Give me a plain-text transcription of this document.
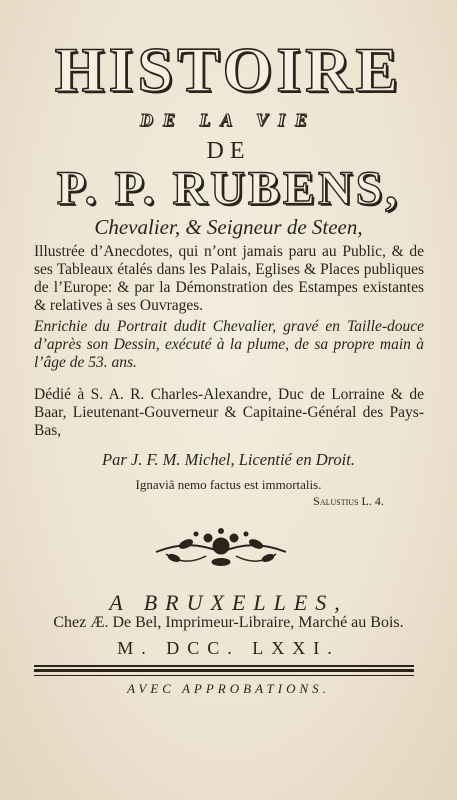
HISTOIRE
DE LA VIE
DE
P. P. RUBENS,
Chevalier, & Seigneur de Steen,
Illustrée d’Anecdotes, qui n’ont jamais paru au Public, & de ses Tableaux étalés dans les Palais, Eglises & Places publiques de l’Europe: & par la Démonstration des Estampes existantes & relatives à ses Ouvrages.
Enrichie du Portrait dudit Chevalier, gravé en Taille-douce d’après son Dessin, exécuté à la plume, de sa propre main à l’âge de 53. ans.
Dédié à S. A. R. Charles-Alexandre, Duc de Lorraine & de Baar, Lieutenant-Gouverneur & Capitaine-Général des Pays-Bas,
Par J. F. M. Michel, Licentié en Droit.
Ignaviâ nemo factus est immortalis.
Salustius L. 4.
A BRUXELLES,
Chez Æ. De Bel, Imprimeur-Libraire, Marché au Bois.
M. DCC. LXXI.
AVEC APPROBATIONS.
